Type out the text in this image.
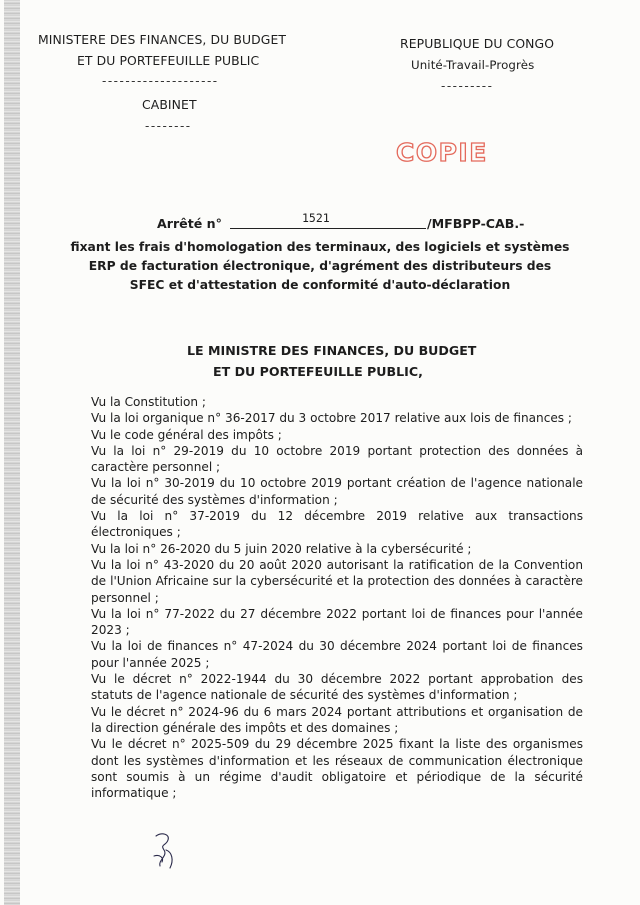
MINISTERE DES FINANCES, DU BUDGET
ET DU PORTEFEUILLE PUBLIC
--------------------
CABINET
--------
REPUBLIQUE DU CONGO
Unité-Travail-Progrès
---------
COPIE
Arrêté n°	1521	/MFBPP-CAB.-
fixant les frais d'homologation des terminaux, des logiciels et systèmes ERP de facturation électronique, d'agrément des distributeurs des SFEC et d'attestation de conformité d'auto-déclaration
LE MINISTRE DES FINANCES, DU BUDGET
ET DU PORTEFEUILLE PUBLIC,

Vu la Constitution ;

Vu la loi organique n° 36-2017 du 3 octobre 2017 relative aux lois de finances ;

Vu le code général des impôts ;

Vu la loi n° 29-2019 du 10 octobre 2019 portant protection des données à caractère personnel ;

Vu la loi n° 30-2019 du 10 octobre 2019 portant création de l'agence nationale de sécurité des systèmes d'information ;

Vu la loi n° 37-2019 du 12 décembre 2019 relative aux transactions électroniques ;

Vu la loi n° 26-2020 du 5 juin 2020 relative à la cybersécurité ;

Vu la loi n° 43-2020 du 20 août 2020 autorisant la ratification de la Convention de l'Union Africaine sur la cybersécurité et la protection des données à caractère personnel ;

Vu la loi n° 77-2022 du 27 décembre 2022 portant loi de finances pour l'année 2023 ;

Vu la loi de finances n° 47-2024 du 30 décembre 2024 portant loi de finances pour l'année 2025 ;

Vu le décret n° 2022-1944 du 30 décembre 2022 portant approbation des statuts de l'agence nationale de sécurité des systèmes d'information ;

Vu le décret n° 2024-96 du 6 mars 2024 portant attributions et organisation de la direction générale des impôts et des domaines ;

Vu le décret n° 2025-509 du 29 décembre 2025 fixant la liste des organismes dont les systèmes d'information et les réseaux de communication électronique sont soumis à un régime d'audit obligatoire et périodique de la sécurité informatique ;
